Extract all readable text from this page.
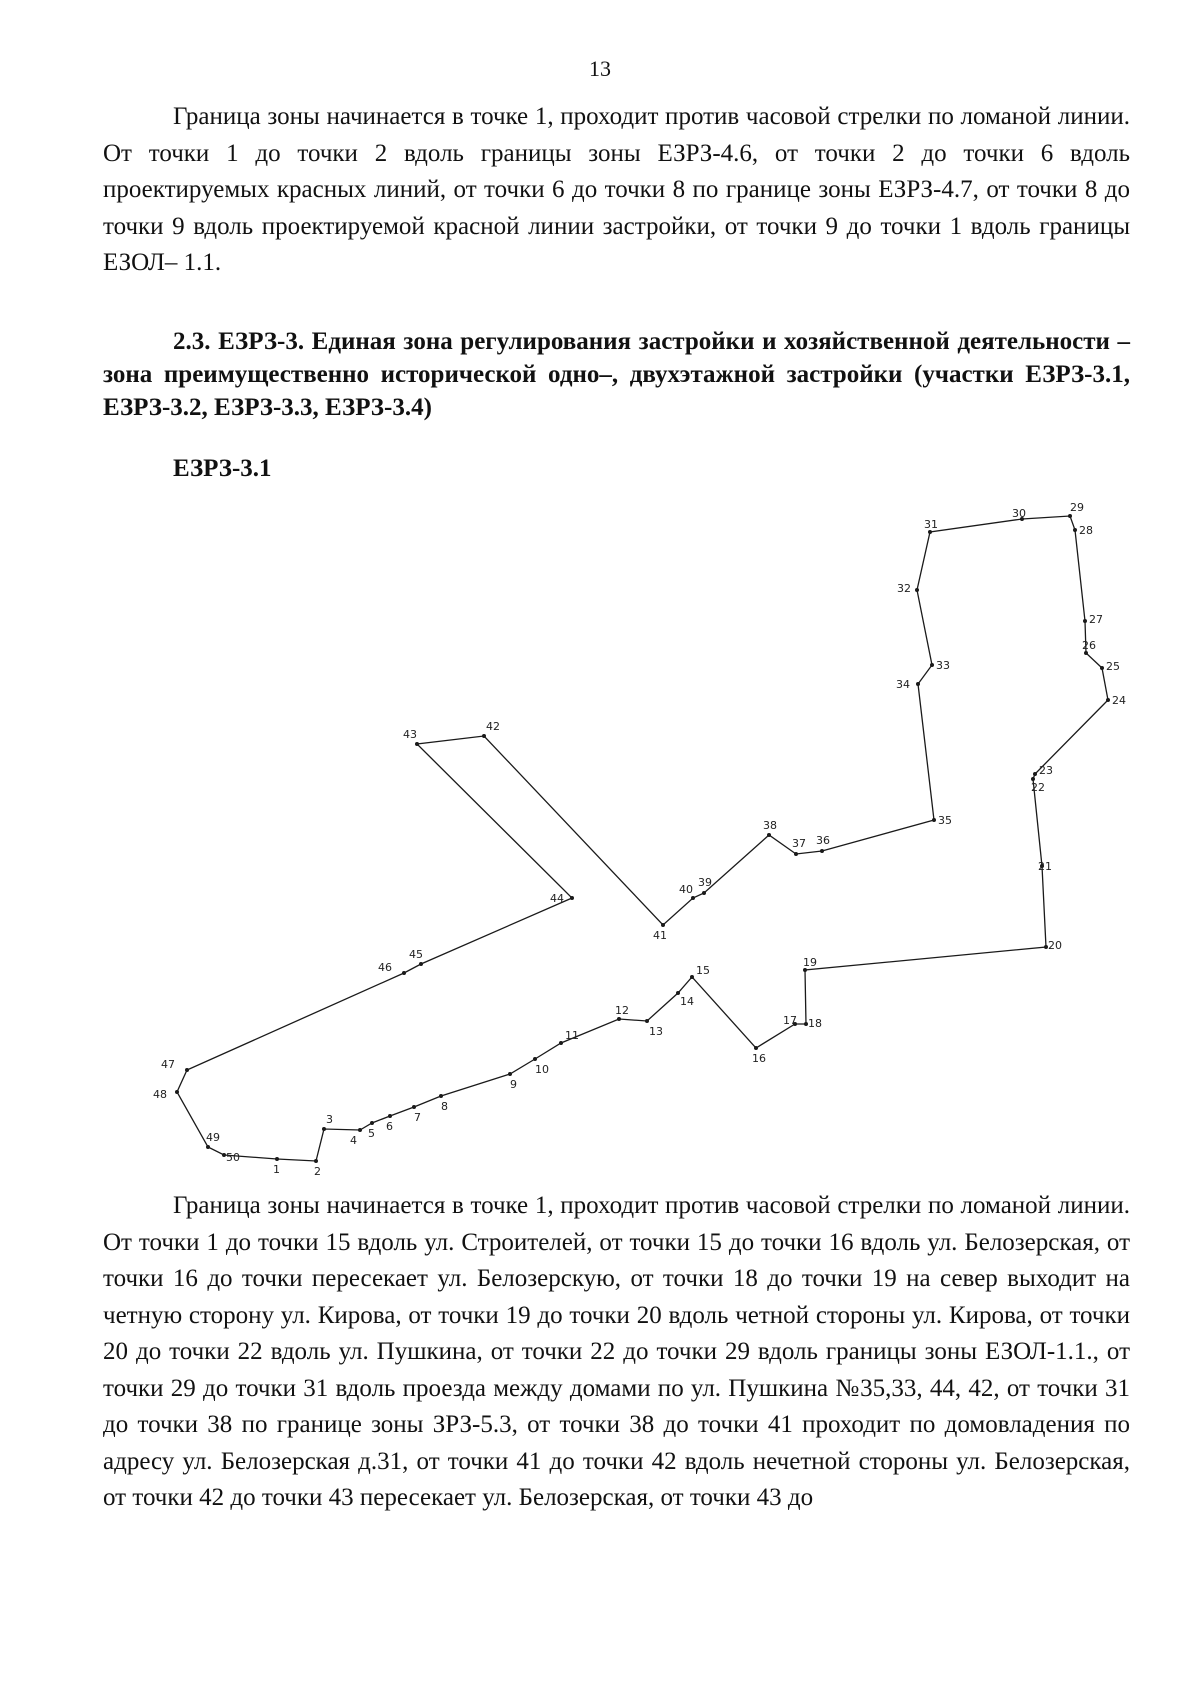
13

Граница зоны начинается в точке 1, проходит против часовой стрелки по ломаной линии. От точки 1 до точки 2 вдоль границы зоны ЕЗРЗ-4.6, от точки 2 до точки 6 вдоль проектируемых красных линий, от точки 6 до точки 8 по границе зоны ЕЗРЗ-4.7, от точки 8 до точки 9 вдоль проектируемой красной линии застройки, от точки 9 до точки 1 вдоль границы ЕЗОЛ– 1.1.

2.3. ЕЗРЗ-3. Единая зона регулирования застройки и хозяйственной деятельности – зона преимущественно исторической одно–, двухэтажной застройки (участки ЕЗРЗ-3.1, ЕЗРЗ-3.2, ЕЗРЗ-3.3, ЕЗРЗ-3.4)

ЕЗРЗ-3.1

1	2
3
4
5
6
7
8
9
10
11
12
13
14
15
16
17 18
19
20
21
22
23
24
25
26
27
28
29
30
31
32
33
34
35
36
37
38
39
40
41
42
43
44
45
46
47
48
49
50

Граница зоны начинается в точке 1, проходит против часовой стрелки по ломаной линии. От точки 1 до точки 15 вдоль ул. Строителей, от точки 15 до точки 16 вдоль ул. Белозерская, от точки 16 до точки пересекает ул. Белозерскую, от точки 18 до точки 19 на север выходит на четную сторону ул. Кирова, от точки 19 до точки 20 вдоль четной стороны ул. Кирова, от точки 20 до точки 22 вдоль ул. Пушкина, от точки 22 до точки 29 вдоль границы зоны ЕЗОЛ-1.1., от точки 29 до точки 31 вдоль проезда между домами по ул. Пушкина №35,33, 44, 42, от точки 31 до точки 38 по границе зоны ЗРЗ-5.3, от точки 38 до точки 41 проходит по домовладения по адресу ул. Белозерская д.31, от точки 41 до точки 42 вдоль нечетной стороны ул. Белозерская, от точки 42 до точки 43 пересекает ул. Белозерская, от точки 43 до
